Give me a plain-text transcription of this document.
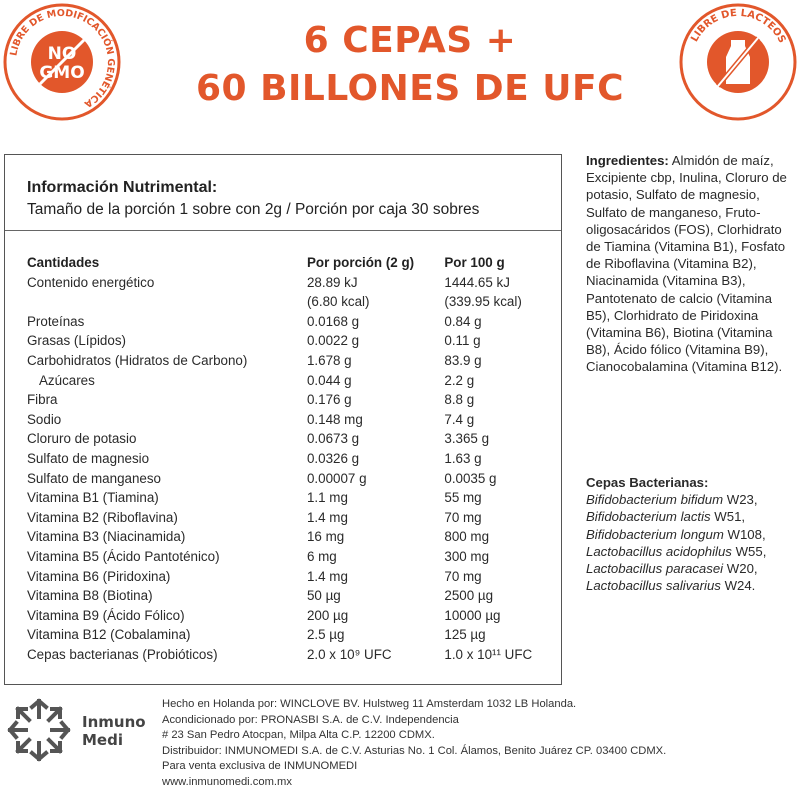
6 CEPAS +
60 BILLONES DE UFC
LIBRE DE MODIFICACIÓN GENÉTICA
NO
GMO
LIBRE DE LACTEOS
Información Nutrimental:
Tamaño de la porción 1 sobre con 2g / Porción por caja 30 sobres
Cantidades	Por porción (2 g)	Por 100 g
Contenido energético	28.89 kJ	1444.65 kJ
	(6.80 kcal)	(339.95 kcal)
Proteínas	0.0168 g	0.84 g
Grasas (Lípidos)	0.0022 g	0.11 g
Carbohidratos (Hidratos de Carbono)	1.678 g	83.9 g
Azúcares	0.044 g	2.2 g
Fibra	0.176 g	8.8 g
Sodio	0.148 mg	7.4 g
Cloruro de potasio	0.0673 g	3.365 g
Sulfato de magnesio	0.0326 g	1.63 g
Sulfato de manganeso	0.00007 g	0.0035 g
Vitamina B1 (Tiamina)	1.1 mg	55 mg
Vitamina B2 (Riboflavina)	1.4 mg	70 mg
Vitamina B3 (Niacinamida)	16 mg	800 mg
Vitamina B5 (Ácido Pantoténico)	6 mg	300 mg
Vitamina B6 (Piridoxina)	1.4 mg	70 mg
Vitamina B8 (Biotina)	50 µg	2500 µg
Vitamina B9 (Ácido Fólico)	200 µg	10000 µg
Vitamina B12 (Cobalamina)	2.5 µg	125 µg
Cepas bacterianas (Probióticos)	2.0 x 10⁹ UFC	1.0 x 10¹¹ UFC
Ingredientes: Almidón de maíz, Excipiente cbp, Inulina, Cloruro de potasio, Sulfato de magnesio, Sulfato de manganeso, Fruto-oligosacáridos (FOS), Clorhidrato de Tiamina (Vitamina B1), Fosfato de Riboflavina (Vitamina B2), Niacinamida (Vitamina B3), Pantotenato de calcio (Vitamina B5), Clorhidrato de Piridoxina (Vitamina B6), Biotina (Vitamina B8), Ácido fólico (Vitamina B9), Cianocobalamina (Vitamina B12).
Cepas Bacterianas:
Bifidobacterium bifidum W23,
Bifidobacterium lactis W51,
Bifidobacterium longum W108,
Lactobacillus acidophilus W55,
Lactobacillus paracasei W20,
Lactobacillus salivarius W24.
Inmuno
Medi
Hecho en Holanda por: WINCLOVE BV. Hulstweg 11 Amsterdam 1032 LB Holanda.
Acondicionado por: PRONASBI S.A. de C.V. Independencia
# 23 San Pedro Atocpan, Milpa Alta C.P. 12200 CDMX.
Distribuidor: INMUNOMEDI S.A. de C.V. Asturias No. 1 Col. Álamos, Benito Juárez CP. 03400 CDMX.
Para venta exclusiva de INMUNOMEDI
www.inmunomedi.com.mx
